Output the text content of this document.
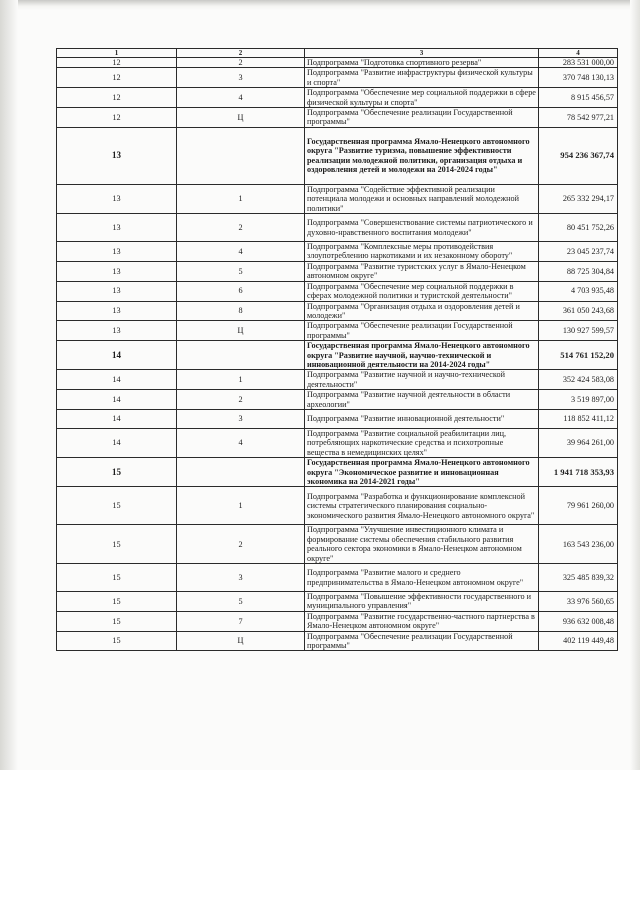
1	2	3	4
12	2	Подпрограмма "Подготовка спортивного резерва"	283 531 000,00
12	3	Подпрограмма "Развитие инфраструктуры физической культуры и спорта"	370 748 130,13
12	4	Подпрограмма "Обеспечение мер социальной поддержки в сфере физической культуры и спорта"	8 915 456,57
12	Ц	Подпрограмма "Обеспечение реализации Государственной программы"	78 542 977,21
13		Государственная программа Ямало-Ненецкого автономного округа "Развитие туризма, повышение эффективности реализации молодежной политики, организация отдыха и оздоровления детей и молодежи на 2014-2024 годы"	954 236 367,74
13	1	Подпрограмма "Содействие эффективной реализации потенциала молодежи и основных направлений молодежной политики"	265 332 294,17
13	2	Подпрограмма "Совершенствование системы патриотического и духовно-нравственного воспитания молодежи"	80 451 752,26
13	4	Подпрограмма "Комплексные меры противодействия злоупотреблению наркотиками и их незаконному обороту"	23 045 237,74
13	5	Подпрограмма "Развитие туристских услуг в Ямало-Ненецком автономном округе"	88 725 304,84
13	6	Подпрограмма "Обеспечение мер социальной поддержки в сферах молодежной политики и туристской деятельности"	4 703 935,48
13	8	Подпрограмма "Организация отдыха и оздоровления детей и молодежи"	361 050 243,68
13	Ц	Подпрограмма "Обеспечение реализации Государственной программы"	130 927 599,57
14		Государственная программа Ямало-Ненецкого автономного округа "Развитие научной, научно-технической и инновационной деятельности на 2014-2024 годы"	514 761 152,20
14	1	Подпрограмма "Развитие научной и научно-технической деятельности"	352 424 583,08
14	2	Подпрограмма "Развитие научной деятельности в области археологии"	3 519 897,00
14	3	Подпрограмма "Развитие инновационной деятельности"	118 852 411,12
14	4	Подпрограмма "Развитие социальной реабилитации лиц, потребляющих наркотические средства и психотропные вещества в немедицинских целях"	39 964 261,00
15		Государственная программа Ямало-Ненецкого автономного округа "Экономическое развитие и инновационная экономика на 2014-2021 годы"	1 941 718 353,93
15	1	Подпрограмма "Разработка и функционирование комплексной системы стратегического планирования социально-экономического развития Ямало-Ненецкого автономного округа"	79 961 260,00
15	2	Подпрограмма "Улучшение инвестиционного климата и формирование системы обеспечения стабильного развития реального сектора экономики в Ямало-Ненецком автономном округе"	163 543 236,00
15	3	Подпрограмма "Развитие малого и среднего предпринимательства в Ямало-Ненецком автономном округе"	325 485 839,32
15	5	Подпрограмма "Повышение эффективности государственного и муниципального управления"	33 976 560,65
15	7	Подпрограмма "Развитие государственно-частного партнерства в Ямало-Ненецком автономном округе"	936 632 008,48
15	Ц	Подпрограмма "Обеспечение реализации Государственной программы"	402 119 449,48
